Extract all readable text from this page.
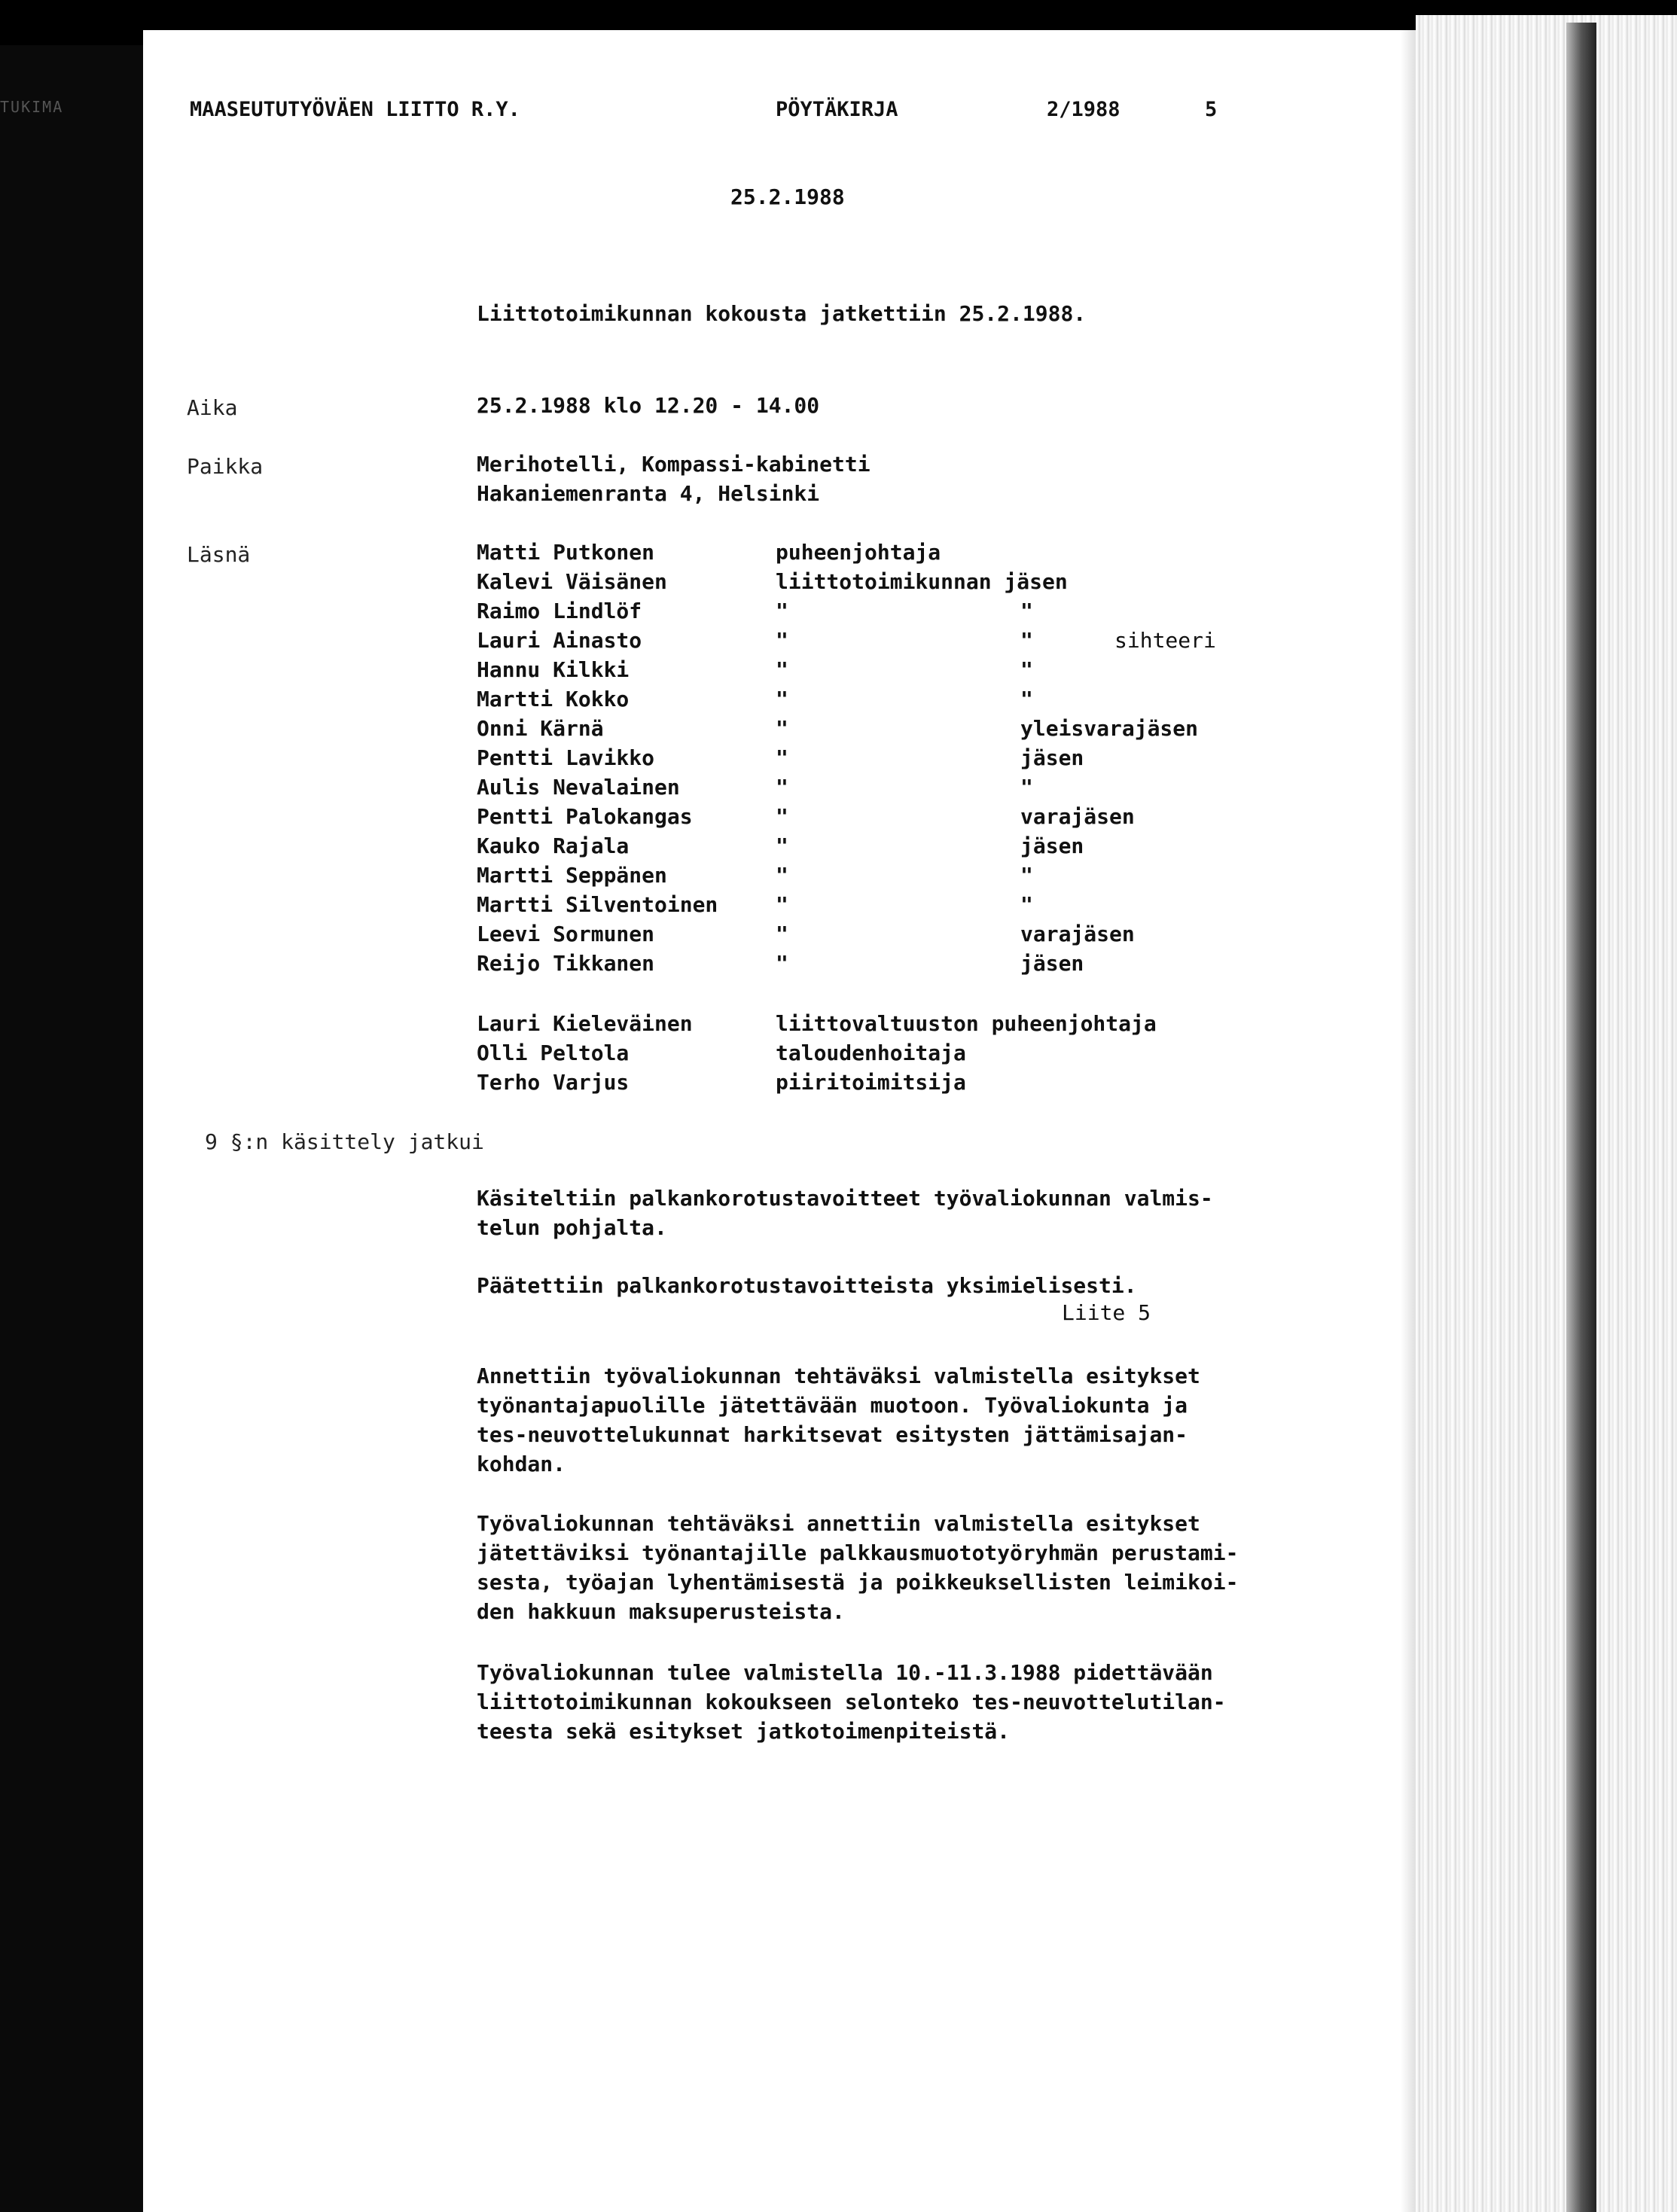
TUKIMA	MAASEUTUTYÖVÄEN LIITTO R.Y.	PÖYTÄKIRJA	2/1988	5
25.2.1988
Liittotoimikunnan kokousta jatkettiin 25.2.1988.
Aika	25.2.1988 klo 12.20 - 14.00
Paikka	Merihotelli, Kompassi-kabinetti
Hakaniemenranta 4, Helsinki
Läsnä	Matti Putkonen	puheenjohtaja
Kalevi Väisänen	liittotoimikunnan jäsen
Raimo Lindlöf	"	"
Lauri Ainasto	"	"	sihteeri
Hannu Kilkki	"	"
Martti Kokko	"	"
Onni Kärnä	"	yleisvarajäsen
Pentti Lavikko	"	jäsen
Aulis Nevalainen	"	"
Pentti Palokangas	"	varajäsen
Kauko Rajala	"	jäsen
Martti Seppänen	"	"
Martti Silventoinen	"	"
Leevi Sormunen	"	varajäsen
Reijo Tikkanen	"	jäsen
Lauri Kieleväinen	liittovaltuuston puheenjohtaja
Olli Peltola	taloudenhoitaja
Terho Varjus	piiritoimitsija
9 §:n käsittely jatkui
Käsiteltiin palkankorotustavoitteet työvaliokunnan valmis-
telun pohjalta.
Päätettiin palkankorotustavoitteista yksimielisesti.
Liite 5
Annettiin työvaliokunnan tehtäväksi valmistella esitykset
työnantajapuolille jätettävään muotoon. Työvaliokunta ja
tes-neuvottelukunnat harkitsevat esitysten jättämisajan-
kohdan.
Työvaliokunnan tehtäväksi annettiin valmistella esitykset
jätettäviksi työnantajille palkkausmuototyöryhmän perustami-
sesta, työajan lyhentämisestä ja poikkeuksellisten leimikoi-
den hakkuun maksuperusteista.
Työvaliokunnan tulee valmistella 10.-11.3.1988 pidettävään
liittotoimikunnan kokoukseen selonteko tes-neuvottelutilan-
teesta sekä esitykset jatkotoimenpiteistä.
